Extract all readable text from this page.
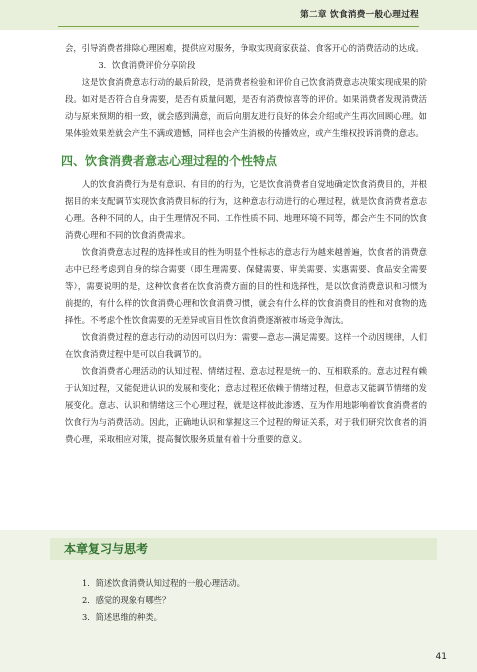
第二章 饮食消费一般心理过程

会，引导消费者排除心理困难，提供应对服务，争取实现商家获益、食客开心的消费活动的达成。

3．饮食消费评价分享阶段

这是饮食消费意志行动的最后阶段，是消费者检验和评价自己饮食消费意志决策实现成果的阶段。如对是否符合自身需要，是否有质量问题，是否有消费惊喜等的评价。如果消费者发现消费活动与原来预期的相一致，就会感到满意，而后向朋友进行良好的体会介绍或产生再次回顾心理。如果体验效果差就会产生不满或遗憾，同样也会产生消极的传播效应，或产生维权投诉消费的意志。

四、饮食消费者意志心理过程的个性特点

人的饮食消费行为是有意识、有目的的行为，它是饮食消费者自觉地确定饮食消费目的，并根据目的来支配调节实现饮食消费目标的行为，这种意志行动进行的心理过程，就是饮食消费者意志心理。各种不同的人，由于生理情况不同、工作性质不同、地理环境不同等，都会产生不同的饮食消费心理和不同的饮食消费需求。

饮食消费意志过程的选择性或目的性为明显个性标志的意志行为越来越普遍，饮食者的消费意志中已经考虑到自身的综合需要（即生理需要、保健需要、审美需要、实惠需要、食品安全需要等），需要说明的是，这种饮食者在饮食消费方面的目的性和选择性，是以饮食消费意识和习惯为前提的，有什么样的饮食消费心理和饮食消费习惯，就会有什么样的饮食消费目的性和对食物的选择性。不考虑个性饮食需要的无差异或盲目性饮食消费逐渐被市场竞争淘汰。

饮食消费过程的意志行动的动因可以归为：需要—意志—满足需要。这样一个动因规律，人们在饮食消费过程中是可以自我调节的。

饮食消费者心理活动的认知过程、情绪过程、意志过程是统一的、互相联系的。意志过程有赖于认知过程，又能促进认识的发展和变化；意志过程还依赖于情绪过程，但意志又能调节情绪的发展变化。意志、认识和情绪这三个心理过程，就是这样彼此渗透、互为作用地影响着饮食消费者的饮食行为与消费活动。因此，正确地认识和掌握这三个过程的辩证关系，对于我们研究饮食者的消费心理，采取相应对策，提高餐饮服务质量有着十分重要的意义。

本章复习与思考
1．简述饮食消费认知过程的一般心理活动。
2．感觉的现象有哪些？
3．简述思维的种类。
41
